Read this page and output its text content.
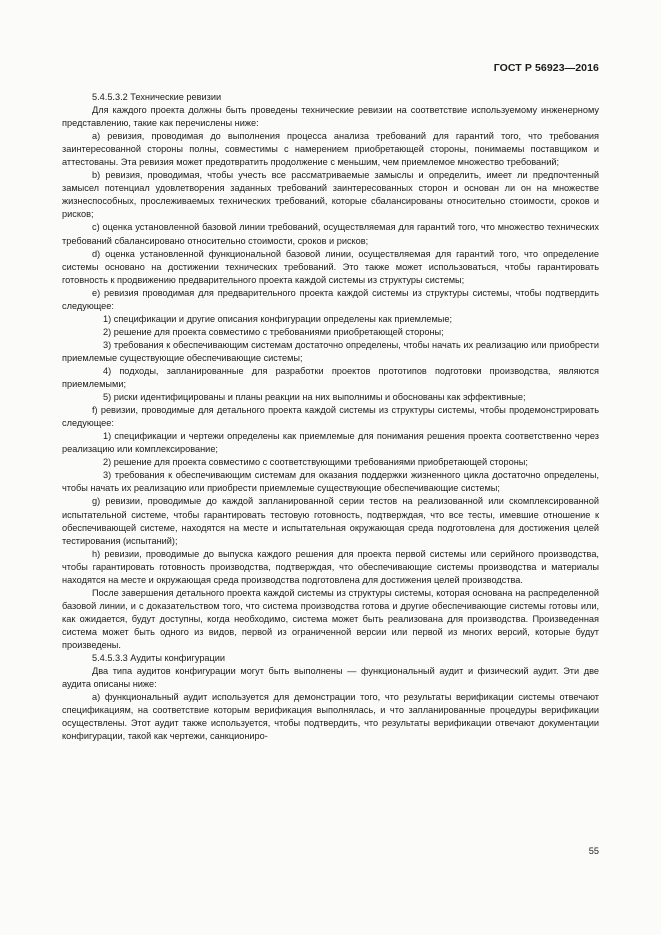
ГОСТ Р 56923—2016

5.4.5.3.2 Технические ревизии

Для каждого проекта должны быть проведены технические ревизии на соответствие используемому инженерному представлению, такие как перечислены ниже:

a) ревизия, проводимая до выполнения процесса анализа требований для гарантий того, что требования заинтересованной стороны полны, совместимы с намерением приобретающей стороны, понимаемы поставщиком и аттестованы. Эта ревизия может предотвратить продолжение с меньшим, чем приемлемое множество требований;

b) ревизия, проводимая, чтобы учесть все рассматриваемые замыслы и определить, имеет ли предпочтенный замысел потенциал удовлетворения заданных требований заинтересованных сторон и основан ли он на множестве жизнеспособных, прослеживаемых технических требований, которые сбалансированы относительно стоимости, сроков и рисков;

c) оценка установленной базовой линии требований, осуществляемая для гарантий того, что множество технических требований сбалансировано относительно стоимости, сроков и рисков;

d) оценка установленной функциональной базовой линии, осуществляемая для гарантий того, что определение системы основано на достижении технических требований. Это также может использоваться, чтобы гарантировать готовность к продвижению предварительного проекта каждой системы из структуры системы;

e) ревизия проводимая для предварительного проекта каждой системы из структуры системы, чтобы подтвердить следующее:

1) спецификации и другие описания конфигурации определены как приемлемые;

2) решение для проекта совместимо с требованиями приобретающей стороны;

3) требования к обеспечивающим системам достаточно определены, чтобы начать их реализацию или приобрести приемлемые существующие обеспечивающие системы;

4) подходы, запланированные для разработки проектов прототипов подготовки производства, являются приемлемыми;

5) риски идентифицированы и планы реакции на них выполнимы и обоснованы как эффективные;

f) ревизии, проводимые для детального проекта каждой системы из структуры системы, чтобы продемонстрировать следующее:

1) спецификации и чертежи определены как приемлемые для понимания решения проекта соответственно через реализацию или комплексирование;

2) решение для проекта совместимо с соответствующими требованиями приобретающей стороны;

3) требования к обеспечивающим системам для оказания поддержки жизненного цикла достаточно определены, чтобы начать их реализацию или приобрести приемлемые существующие обеспечивающие системы;

g) ревизии, проводимые до каждой запланированной серии тестов на реализованной или скомплексированной испытательной системе, чтобы гарантировать тестовую готовность, подтверждая, что все тесты, имевшие отношение к обеспечивающей системе, находятся на месте и испытательная окружающая среда подготовлена для достижения целей тестирования (испытаний);

h) ревизии, проводимые до выпуска каждого решения для проекта первой системы или серийного производства, чтобы гарантировать готовность производства, подтверждая, что обеспечивающие системы производства и материалы находятся на месте и окружающая среда производства подготовлена для достижения целей производства.

После завершения детального проекта каждой системы из структуры системы, которая основана на распределенной базовой линии, и с доказательством того, что система производства готова и другие обеспечивающие системы готовы или, как ожидается, будут доступны, когда необходимо, система может быть реализована для производства. Произведенная система может быть одного из видов, первой из ограниченной версии или первой из многих версий, которые будут произведены.

5.4.5.3.3 Аудиты конфигурации

Два типа аудитов конфигурации могут быть выполнены — функциональный аудит и физический аудит. Эти две аудита описаны ниже:

a) функциональный аудит используется для демонстрации того, что результаты верификации системы отвечают спецификациям, на соответствие которым верификация выполнялась, и что запланированные процедуры верификации осуществлены. Этот аудит также используется, чтобы подтвердить, что результаты верификации отвечают документации конфигурации, такой как чертежи, санкциониро-

55
